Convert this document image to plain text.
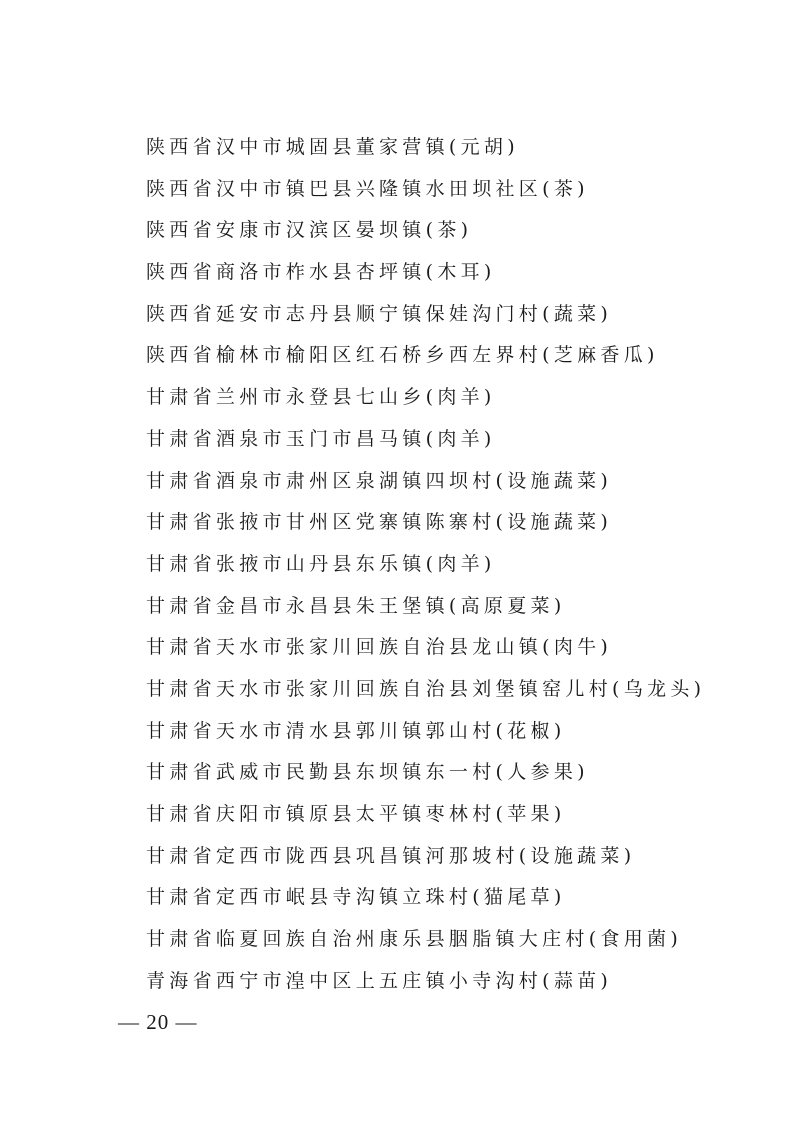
陕西省汉中市城固县董家营镇(元胡)
陕西省汉中市镇巴县兴隆镇水田坝社区(茶)
陕西省安康市汉滨区晏坝镇(茶)
陕西省商洛市柞水县杏坪镇(木耳)
陕西省延安市志丹县顺宁镇保娃沟门村(蔬菜)
陕西省榆林市榆阳区红石桥乡西左界村(芝麻香瓜)
甘肃省兰州市永登县七山乡(肉羊)
甘肃省酒泉市玉门市昌马镇(肉羊)
甘肃省酒泉市肃州区泉湖镇四坝村(设施蔬菜)
甘肃省张掖市甘州区党寨镇陈寨村(设施蔬菜)
甘肃省张掖市山丹县东乐镇(肉羊)
甘肃省金昌市永昌县朱王堡镇(高原夏菜)
甘肃省天水市张家川回族自治县龙山镇(肉牛)
甘肃省天水市张家川回族自治县刘堡镇窑儿村(乌龙头)
甘肃省天水市清水县郭川镇郭山村(花椒)
甘肃省武威市民勤县东坝镇东一村(人参果)
甘肃省庆阳市镇原县太平镇枣林村(苹果)
甘肃省定西市陇西县巩昌镇河那坡村(设施蔬菜)
甘肃省定西市岷县寺沟镇立珠村(猫尾草)
甘肃省临夏回族自治州康乐县胭脂镇大庄村(食用菌)
青海省西宁市湟中区上五庄镇小寺沟村(蒜苗)
— 20 —
